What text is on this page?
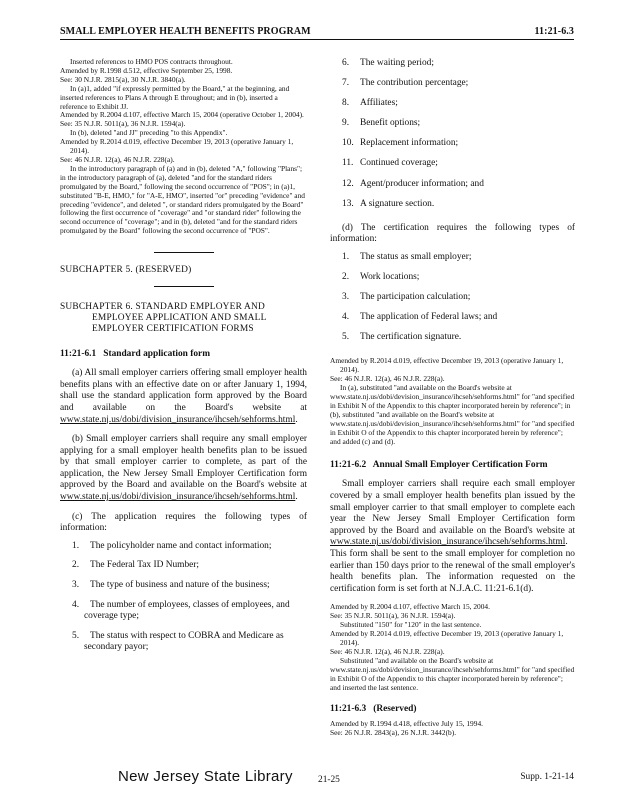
SMALL EMPLOYER HEALTH BENEFITS PROGRAM	11:21-6.3
Inserted references to HMO POS contracts throughout.
Amended by R.1998 d.512, effective September 25, 1998.
See: 30 N.J.R. 2815(a), 30 N.J.R. 3840(a).
In (a)1, added "if expressly permitted by the Board," at the beginning, and inserted references to Plans A through E throughout; and in (b), inserted a reference to Exhibit JJ.
Amended by R.2004 d.107, effective March 15, 2004 (operative October 1, 2004).
See: 35 N.J.R. 5011(a), 36 N.J.R. 1594(a).
In (b), deleted "and JJ" preceding "to this Appendix".
Amended by R.2014 d.019, effective December 19, 2013 (operative January 1, 2014).
See: 46 N.J.R. 12(a), 46 N.J.R. 228(a).
In the introductory paragraph of (a) and in (b), deleted "A," following "Plans"; in the introductory paragraph of (a), deleted "and for the standard riders promulgated by the Board," following the second occurrence of "POS"; in (a)1, substituted "B-E, HMO," for "A-E, HMO", inserted "or" preceding "evidence" and preceding "evidence", and deleted ", or standard riders promulgated by the Board" following the first occurrence of "coverage" and "or standard rider" following the second occurrence of "coverage"; and in (b), deleted "and for the standard riders promulgated by the Board" following the second occurrence of "POS".
SUBCHAPTER 5. (RESERVED)
SUBCHAPTER 6. STANDARD EMPLOYER AND
EMPLOYEE APPLICATION AND SMALL
EMPLOYER CERTIFICATION FORMS
11:21-6.1 Standard application form

(a) All small employer carriers offering small employer health benefits plans with an effective date on or after January 1, 1994, shall use the standard application form approved by the Board and available on the Board's website at www.state.nj.us/dobi/division_insurance/ihcseh/sehforms.html.

(b) Small employer carriers shall require any small employer applying for a small employer health benefits plan to be issued by that small employer carrier to complete, as part of the application, the New Jersey Small Employer Certification form approved by the Board and available on the Board's website at www.state.nj.us/dobi/division_insurance/ihcseh/sehforms.html.

(c) The application requires the following types of information:

1. The policyholder name and contact information;
2. The Federal Tax ID Number;
3. The type of business and nature of the business;
4. The number of employees, classes of employees, and coverage type;
5. The status with respect to COBRA and Medicare as secondary payor;
6. The waiting period;
7. The contribution percentage;
8. Affiliates;
9. Benefit options;
10. Replacement information;
11. Continued coverage;
12. Agent/producer information; and
13. A signature section.

(d) The certification requires the following types of information:

1. The status as small employer;
2. Work locations;
3. The participation calculation;
4. The application of Federal laws; and
5. The certification signature.
Amended by R.2014 d.019, effective December 19, 2013 (operative January 1, 2014).
See: 46 N.J.R. 12(a), 46 N.J.R. 228(a).
In (a), substituted "and available on the Board's website at www.state.nj.us/dobi/devision_insurance/ihcseh/sehforms.html" for "and specified in Exhibit N of the Appendix to this chapter incorporated herein by reference"; in (b), substituted "and available on the Board's website at www.state.nj.us/dobi/devision_insurance/ihcseh/sehforms.html" for "and specified in Exhibit O of the Appendix to this chapter incorporated herein by reference"; and added (c) and (d).
11:21-6.2 Annual Small Employer Certification Form

Small employer carriers shall require each small employer covered by a small employer health benefits plan issued by the small employer carrier to that small employer to complete each year the New Jersey Small Employer Certification form approved by the Board and available on the Board's website at www.state.nj.us/dobi/division_insurance/ihcseh/sehforms.html. This form shall be sent to the small employer for completion no earlier than 150 days prior to the renewal of the small employer's health benefits plan. The information requested on the certification form is set forth at N.J.A.C. 11:21-6.1(d).

Amended by R.2004 d.107, effective March 15, 2004.
See: 35 N.J.R. 5011(a), 36 N.J.R. 1594(a).
Substituted "150" for "120" in the last sentence.
Amended by R.2014 d.019, effective December 19, 2013 (operative January 1, 2014).
See: 46 N.J.R. 12(a), 46 N.J.R. 228(a).
Substituted "and available on the Board's website at www.state.nj.us/dobi/devision_insurance/ihcseh/sehforms.html" for "and specified in Exhibit O of the Appendix to this chapter incorporated herein by reference"; and inserted the last sentence.
11:21-6.3 (Reserved)
Amended by R.1994 d.418, effective July 15, 1994.
See: 26 N.J.R. 2843(a), 26 N.J.R. 3442(b).
New Jersey State Library	21-25	Supp. 1-21-14
